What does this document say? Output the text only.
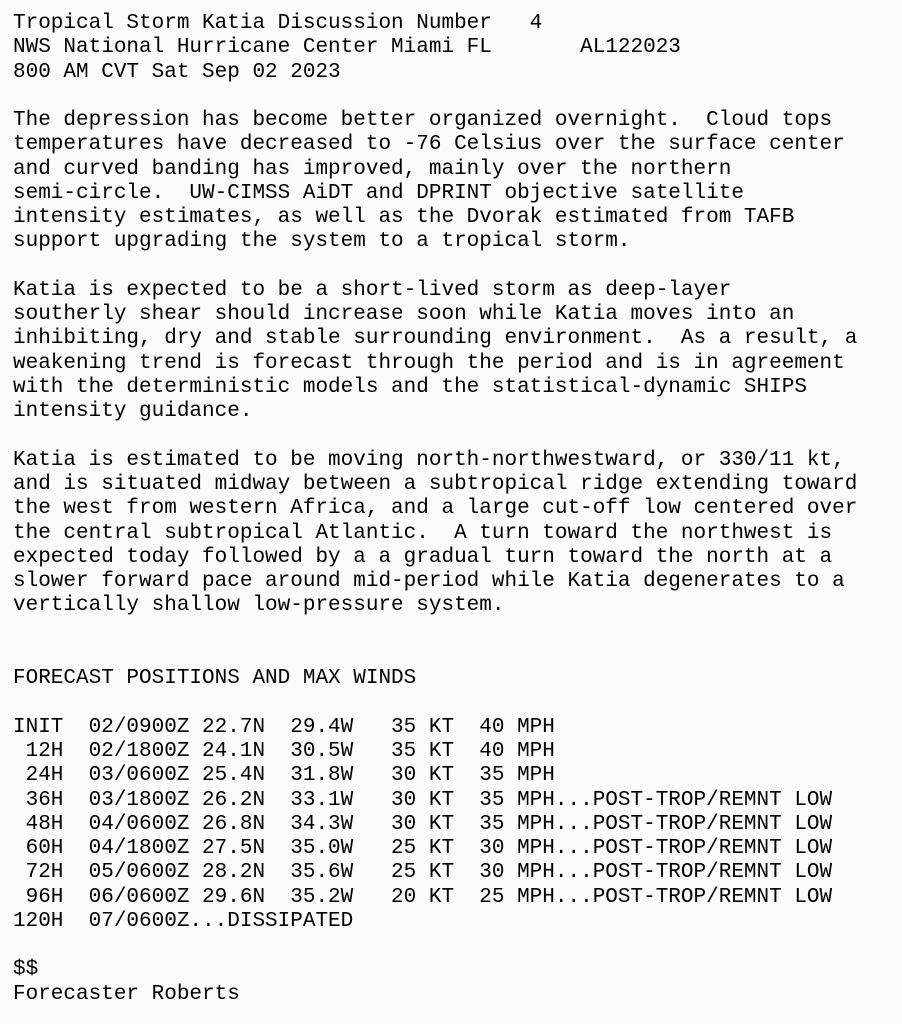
Tropical Storm Katia Discussion Number   4
NWS National Hurricane Center Miami FL       AL122023
800 AM CVT Sat Sep 02 2023
The depression has become better organized overnight.  Cloud tops
temperatures have decreased to -76 Celsius over the surface center
and curved banding has improved, mainly over the northern
semi-circle.  UW-CIMSS AiDT and DPRINT objective satellite
intensity estimates, as well as the Dvorak estimated from TAFB
support upgrading the system to a tropical storm.
Katia is expected to be a short-lived storm as deep-layer
southerly shear should increase soon while Katia moves into an
inhibiting, dry and stable surrounding environment.  As a result, a
weakening trend is forecast through the period and is in agreement
with the deterministic models and the statistical-dynamic SHIPS
intensity guidance.
Katia is estimated to be moving north-northwestward, or 330/11 kt,
and is situated midway between a subtropical ridge extending toward
the west from western Africa, and a large cut-off low centered over
the central subtropical Atlantic.  A turn toward the northwest is
expected today followed by a a gradual turn toward the north at a
slower forward pace around mid-period while Katia degenerates to a
vertically shallow low-pressure system.
FORECAST POSITIONS AND MAX WINDS
INIT  02/0900Z 22.7N  29.4W   35 KT  40 MPH
12H  02/1800Z 24.1N  30.5W   35 KT  40 MPH
24H  03/0600Z 25.4N  31.8W   30 KT  35 MPH
36H  03/1800Z 26.2N  33.1W   30 KT  35 MPH...POST-TROP/REMNT LOW
48H  04/0600Z 26.8N  34.3W   30 KT  35 MPH...POST-TROP/REMNT LOW
60H  04/1800Z 27.5N  35.0W   25 KT  30 MPH...POST-TROP/REMNT LOW
72H  05/0600Z 28.2N  35.6W   25 KT  30 MPH...POST-TROP/REMNT LOW
96H  06/0600Z 29.6N  35.2W   20 KT  25 MPH...POST-TROP/REMNT LOW
120H  07/0600Z...DISSIPATED
$$
Forecaster Roberts
